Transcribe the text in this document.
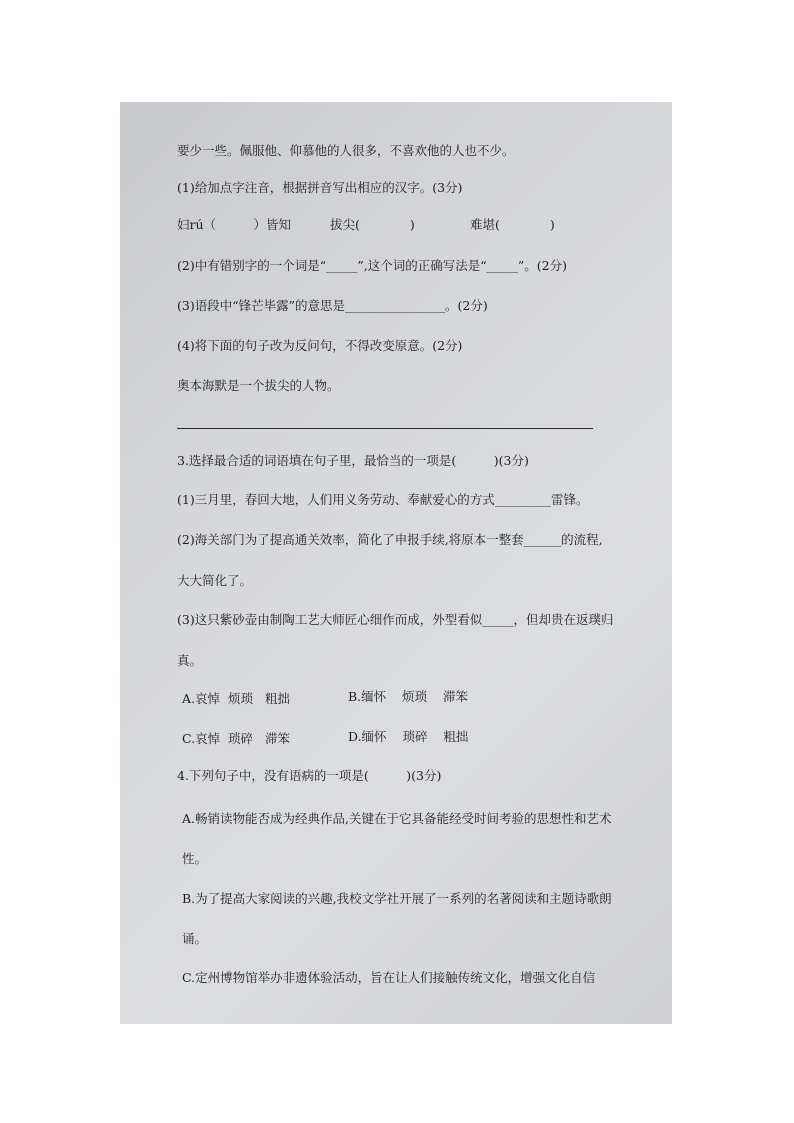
要少一些。佩服他、仰慕他的人很多，不喜欢他的人也不少。
(1)给加点字注音，根据拼音写出相应的汉字。(3分)
妇rú（　　　）皆知	拔尖(　　　　)	难堪(　　　　)
(2)中有错别字的一个词是“_____”,这个词的正确写法是“_____”。(2分)
(3)语段中“锋芒毕露”的意思是________________。(2分)
(4)将下面的句子改为反问句，不得改变原意。(2分)
奥本海默是一个拔尖的人物。
3.选择最合适的词语填在句子里，最恰当的一项是(　　　)(3分)
(1)三月里，春回大地，人们用义务劳动、奉献爱心的方式_________雷锋。
(2)海关部门为了提高通关效率，简化了申报手续,将原本一整套______的流程,
大大简化了。
(3)这只紫砂壶由制陶工艺大师匠心细作而成，外型看似_____，但却贵在返璞归
真。
A.哀悼  烦琐   粗拙	B.缅怀    烦琐    滞笨
C.哀悼  琐碎   滞笨	D.缅怀    琐碎    粗拙
4.下列句子中，没有语病的一项是(　　　)(3分)
A.畅销读物能否成为经典作品,关键在于它具备能经受时间考验的思想性和艺术
性。
B.为了提高大家阅读的兴趣,我校文学社开展了一系列的名著阅读和主题诗歌朗
诵。
C.定州博物馆举办非遗体验活动，旨在让人们接触传统文化，增强文化自信
